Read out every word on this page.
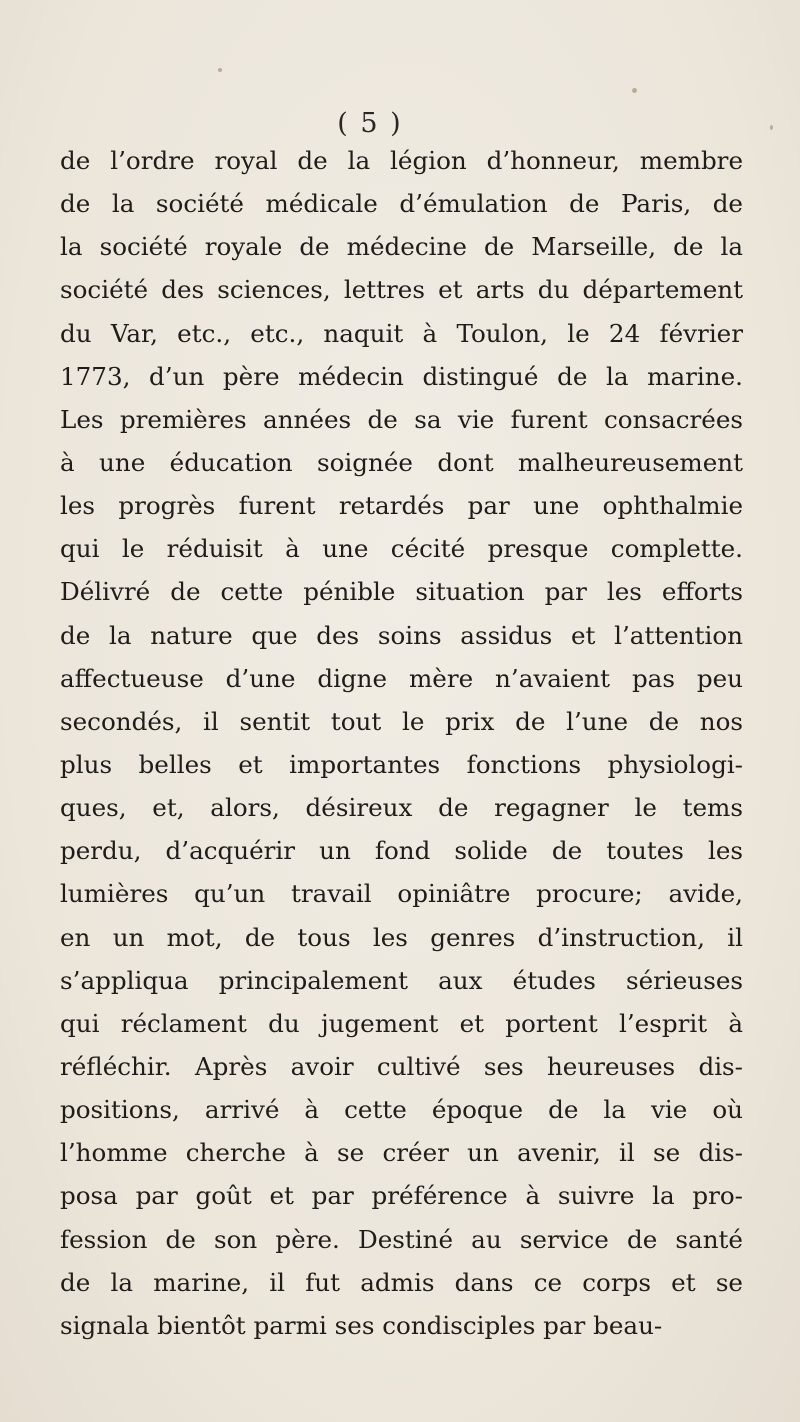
( 5 )
de l’ordre royal de la légion d’honneur, membre
de la société médicale d’émulation de Paris, de
la société royale de médecine de Marseille, de la
société des sciences, lettres et arts du département
du Var, etc., etc., naquit à Toulon, le 24 février
1773, d’un père médecin distingué de la marine.
Les premières années de sa vie furent consacrées
à une éducation soignée dont malheureusement
les progrès furent retardés par une ophthalmie
qui le réduisit à une cécité presque complette.
Délivré de cette pénible situation par les efforts
de la nature que des soins assidus et l’attention
affectueuse d’une digne mère n’avaient pas peu
secondés, il sentit tout le prix de l’une de nos
plus belles et importantes fonctions physiologi-
ques, et, alors, désireux de regagner le tems
perdu, d’acquérir un fond solide de toutes les
lumières qu’un travail opiniâtre procure; avide,
en un mot, de tous les genres d’instruction, il
s’appliqua principalement aux études sérieuses
qui réclament du jugement et portent l’esprit à
réfléchir. Après avoir cultivé ses heureuses dis-
positions, arrivé à cette époque de la vie où
l’homme cherche à se créer un avenir, il se dis-
posa par goût et par préférence à suivre la pro-
fession de son père. Destiné au service de santé
de la marine, il fut admis dans ce corps et se
signala bientôt parmi ses condisciples par beau-
